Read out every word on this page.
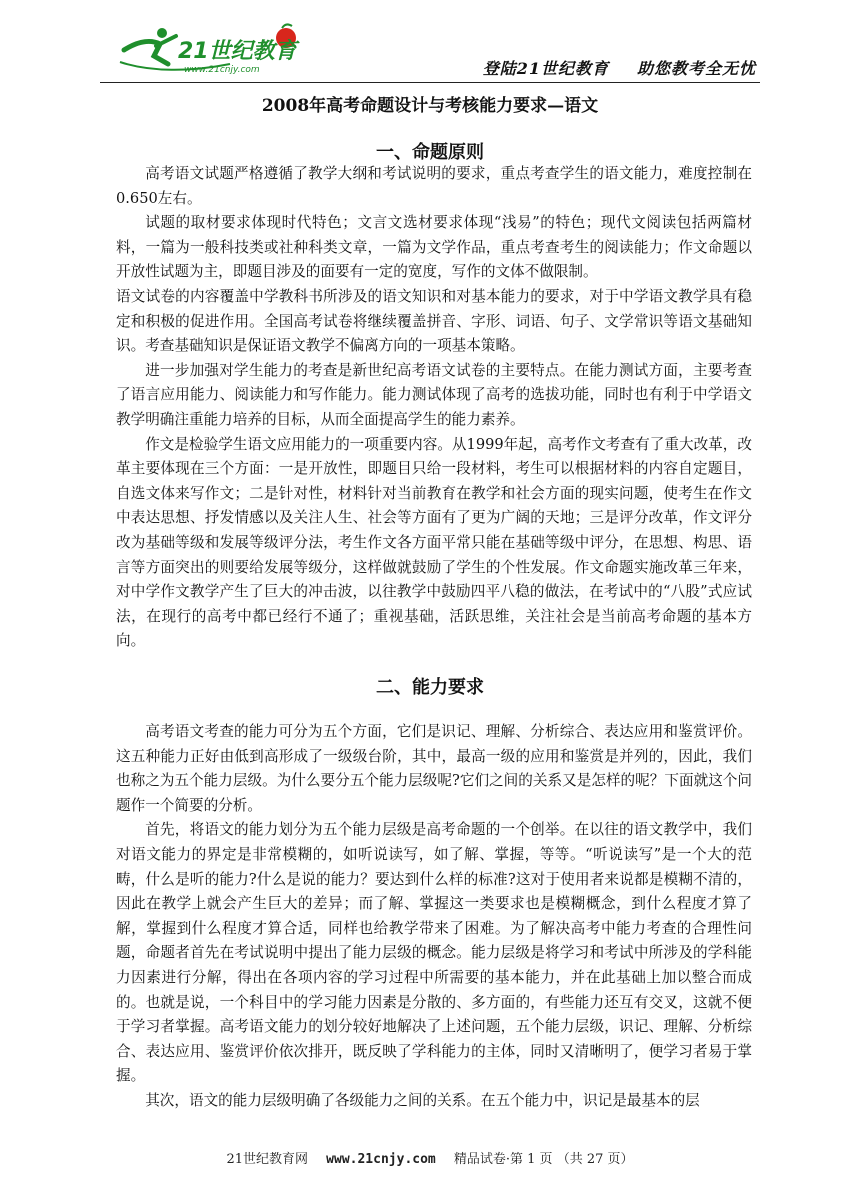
21世纪教育
www.21cnjy.com	登陆21世纪教育 助您教考全无忧
2008年高考命题设计与考核能力要求—语文
一、命题原则

高考语文试题严格遵循了教学大纲和考试说明的要求，重点考查学生的语文能力，难度控制在0.650左右。

试题的取材要求体现时代特色；文言文选材要求体现“浅易”的特色；现代文阅读包括两篇材料，一篇为一般科技类或社种科类文章，一篇为文学作品，重点考查考生的阅读能力；作文命题以开放性试题为主，即题目涉及的面要有一定的宽度，写作的文体不做限制。

语文试卷的内容覆盖中学教科书所涉及的语文知识和对基本能力的要求，对于中学语文教学具有稳定和积极的促进作用。全国高考试卷将继续覆盖拼音、字形、词语、句子、文学常识等语文基础知识。考查基础知识是保证语文教学不偏离方向的一项基本策略。

进一步加强对学生能力的考查是新世纪高考语文试卷的主要特点。在能力测试方面，主要考查了语言应用能力、阅读能力和写作能力。能力测试体现了高考的选拔功能，同时也有利于中学语文教学明确注重能力培养的目标，从而全面提高学生的能力素养。

作文是检验学生语文应用能力的一项重要内容。从1999年起，高考作文考查有了重大改革，改革主要体现在三个方面：一是开放性，即题目只给一段材料，考生可以根据材料的内容自定题目，自选文体来写作文；二是针对性，材料针对当前教育在教学和社会方面的现实问题，使考生在作文中表达思想、抒发情感以及关注人生、社会等方面有了更为广阔的天地；三是评分改革，作文评分改为基础等级和发展等级评分法，考生作文各方面平常只能在基础等级中评分，在思想、构思、语言等方面突出的则要给发展等级分，这样做就鼓励了学生的个性发展。作文命题实施改革三年来，对中学作文教学产生了巨大的冲击波，以往教学中鼓励四平八稳的做法，在考试中的“八股”式应试法，在现行的高考中都已经行不通了；重视基础，活跃思维，关注社会是当前高考命题的基本方向。

二、能力要求

高考语文考查的能力可分为五个方面，它们是识记、理解、分析综合、表达应用和鉴赏评价。这五种能力正好由低到高形成了一级级台阶，其中，最高一级的应用和鉴赏是并列的，因此，我们也称之为五个能力层级。为什么要分五个能力层级呢?它们之间的关系又是怎样的呢？下面就这个问题作一个简要的分析。

首先，将语文的能力划分为五个能力层级是高考命题的一个创举。在以往的语文教学中，我们对语文能力的界定是非常模糊的，如听说读写，如了解、掌握，等等。“听说读写”是一个大的范畴，什么是听的能力?什么是说的能力？要达到什么样的标准?这对于使用者来说都是模糊不清的，因此在教学上就会产生巨大的差异；而了解、掌握这一类要求也是模糊概念，到什么程度才算了解，掌握到什么程度才算合适，同样也给教学带来了困难。为了解决高考中能力考查的合理性问题，命题者首先在考试说明中提出了能力层级的概念。能力层级是将学习和考试中所涉及的学科能力因素进行分解，得出在各项内容的学习过程中所需要的基本能力，并在此基础上加以整合而成的。也就是说，一个科目中的学习能力因素是分散的、多方面的，有些能力还互有交叉，这就不便于学习者掌握。高考语文能力的划分较好地解决了上述问题，五个能力层级，识记、理解、分析综合、表达应用、鉴赏评价依次排开，既反映了学科能力的主体，同时又清晰明了，便学习者易于掌握。

其次，语文的能力层级明确了各级能力之间的关系。在五个能力中，识记是最基本的层

21世纪教育网 www.21cnjy.com 精品试卷·第 1 页 （共 27 页）
